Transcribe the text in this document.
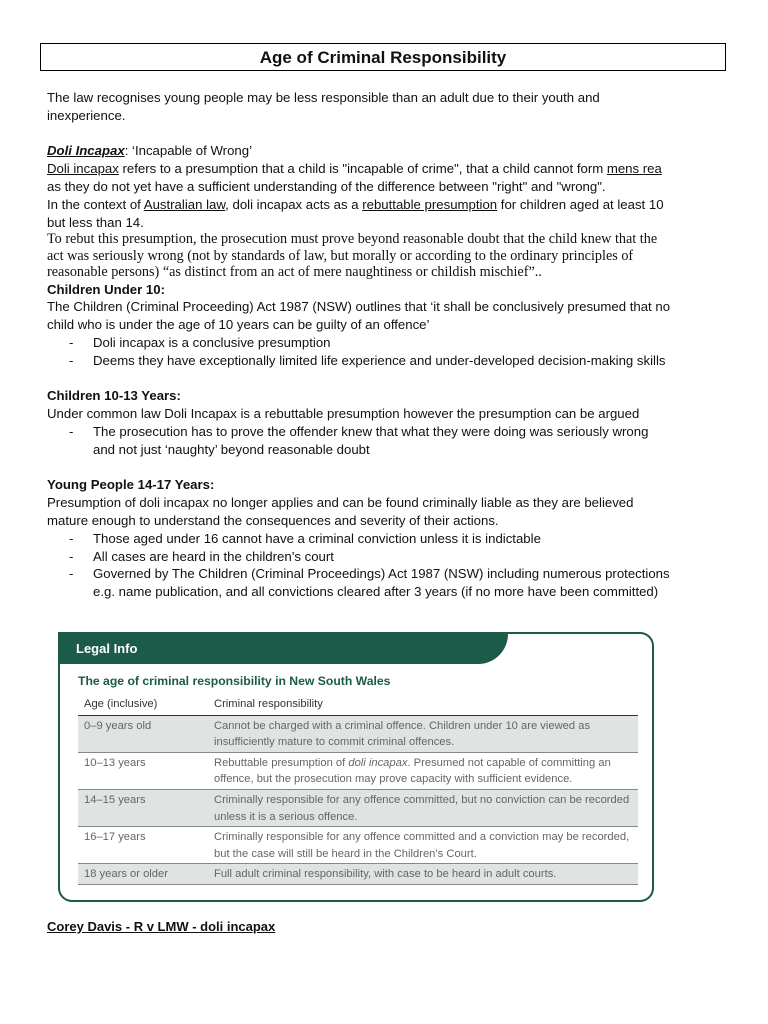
Age of Criminal Responsibility
The law recognises young people may be less responsible than an adult due to their youth and
inexperience.
Doli Incapax: ‘Incapable of Wrong’
Doli incapax refers to a presumption that a child is "incapable of crime", that a child cannot form mens rea
as they do not yet have a sufficient understanding of the difference between "right" and "wrong".
In the context of Australian law, doli incapax acts as a rebuttable presumption for children aged at least 10
but less than 14.
To rebut this presumption, the prosecution must prove beyond reasonable doubt that the child knew that the
act was seriously wrong (not by standards of law, but morally or according to the ordinary principles of
reasonable persons) “as distinct from an act of mere naughtiness or childish mischief”..
Children Under 10:
The Children (Criminal Proceeding) Act 1987 (NSW) outlines that ‘it shall be conclusively presumed that no
child who is under the age of 10 years can be guilty of an offence’
- Doli incapax is a conclusive presumption
- Deems they have exceptionally limited life experience and under-developed decision-making skills
Children 10-13 Years:
Under common law Doli Incapax is a rebuttable presumption however the presumption can be argued
- The prosecution has to prove the offender knew that what they were doing was seriously wrong
and not just ‘naughty’ beyond reasonable doubt
Young People 14-17 Years:
Presumption of doli incapax no longer applies and can be found criminally liable as they are believed
mature enough to understand the consequences and severity of their actions.
- Those aged under 16 cannot have a criminal conviction unless it is indictable
- All cases are heard in the children’s court
- Governed by The Children (Criminal Proceedings) Act 1987 (NSW) including numerous protections
e.g. name publication, and all convictions cleared after 3 years (if no more have been committed)
Legal Info
The age of criminal responsibility in New South Wales
Age (inclusive)	Criminal responsibility
0–9 years old	Cannot be charged with a criminal offence. Children under 10 are viewed as insufficiently mature to commit criminal offences.
10–13 years	Rebuttable presumption of doli incapax. Presumed not capable of committing an offence, but the prosecution may prove capacity with sufficient evidence.
14–15 years	Criminally responsible for any offence committed, but no conviction can be recorded unless it is a serious offence.
16–17 years	Criminally responsible for any offence committed and a conviction may be recorded, but the case will still be heard in the Children’s Court.
18 years or older	Full adult criminal responsibility, with case to be heard in adult courts.
Corey Davis - R v LMW - doli incapax
